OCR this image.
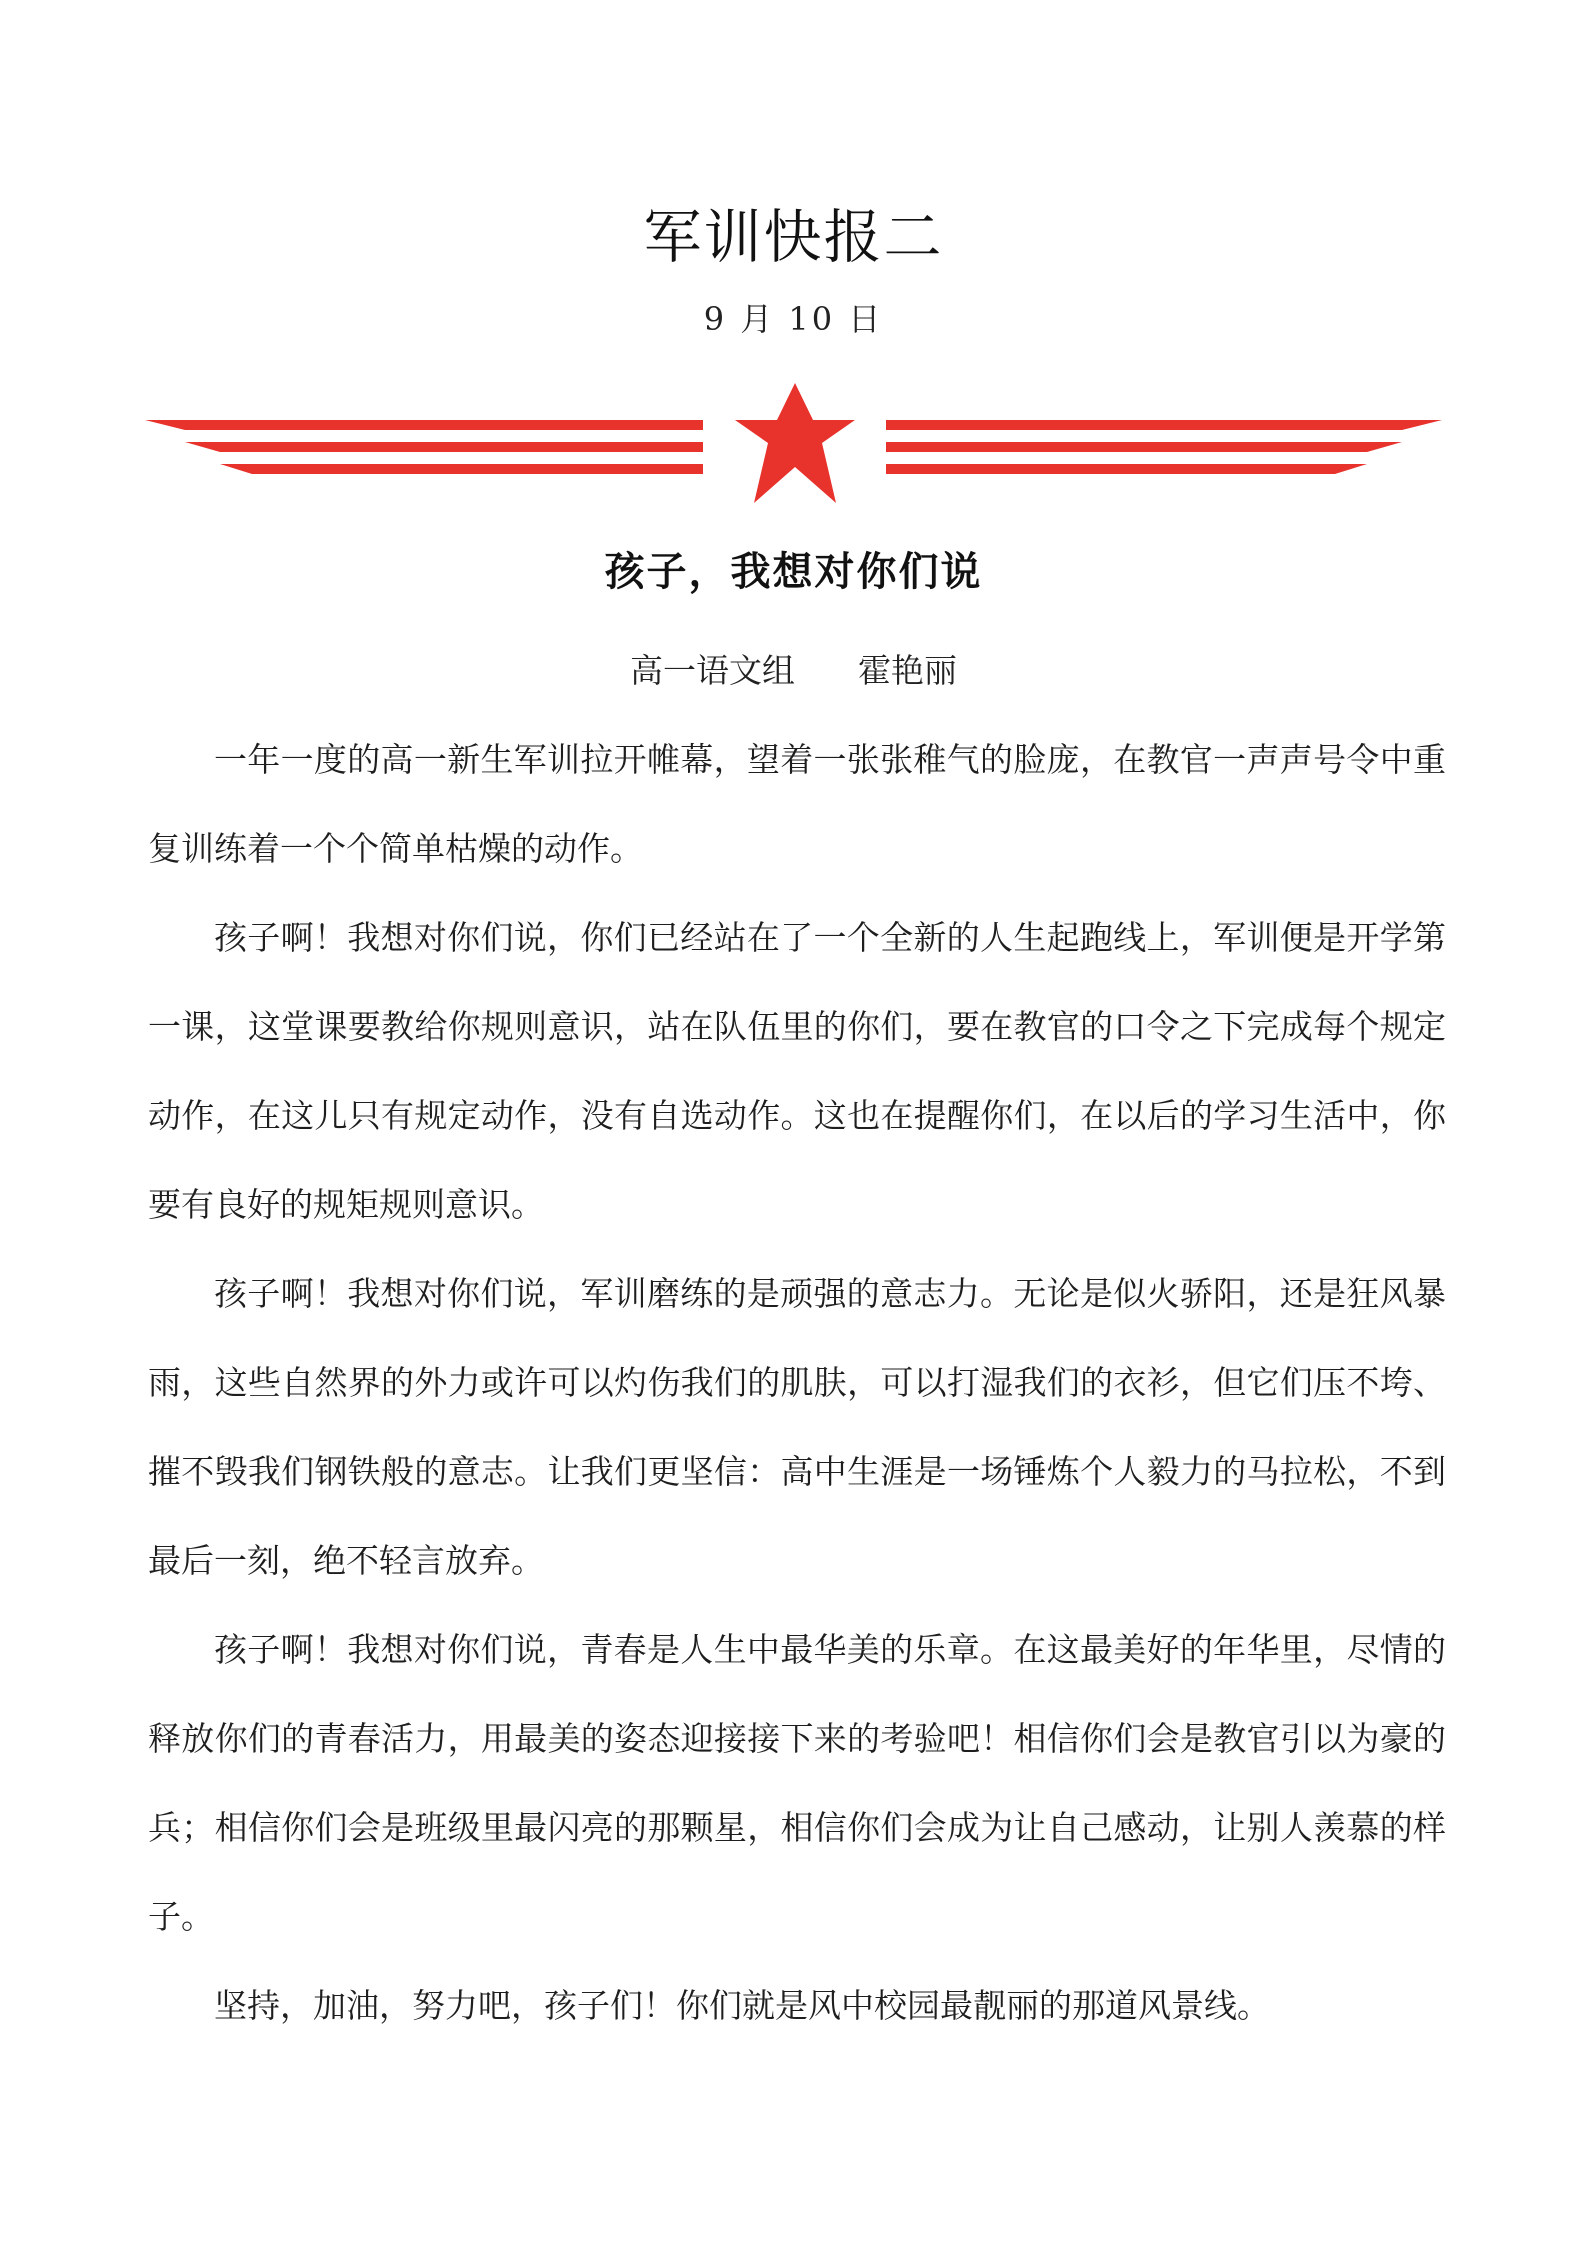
军训快报二
9 月 10 日
孩子，我想对你们说
高一语文组      霍艳丽

一年一度的高一新生军训拉开帷幕，望着一张张稚气的脸庞，在教官一声声号令中重复训练着一个个简单枯燥的动作。

孩子啊！我想对你们说，你们已经站在了一个全新的人生起跑线上，军训便是开学第一课，这堂课要教给你规则意识，站在队伍里的你们，要在教官的口令之下完成每个规定动作，在这儿只有规定动作，没有自选动作。这也在提醒你们，在以后的学习生活中，你要有良好的规矩规则意识。

孩子啊！我想对你们说，军训磨练的是顽强的意志力。无论是似火骄阳，还是狂风暴雨，这些自然界的外力或许可以灼伤我们的肌肤，可以打湿我们的衣衫，但它们压不垮、摧不毁我们钢铁般的意志。让我们更坚信：高中生涯是一场锤炼个人毅力的马拉松，不到最后一刻，绝不轻言放弃。

孩子啊！我想对你们说，青春是人生中最华美的乐章。在这最美好的年华里，尽情的释放你们的青春活力，用最美的姿态迎接接下来的考验吧！相信你们会是教官引以为豪的兵；相信你们会是班级里最闪亮的那颗星，相信你们会成为让自己感动，让别人羡慕的样子。

坚持，加油，努力吧，孩子们！你们就是风中校园最靓丽的那道风景线。
